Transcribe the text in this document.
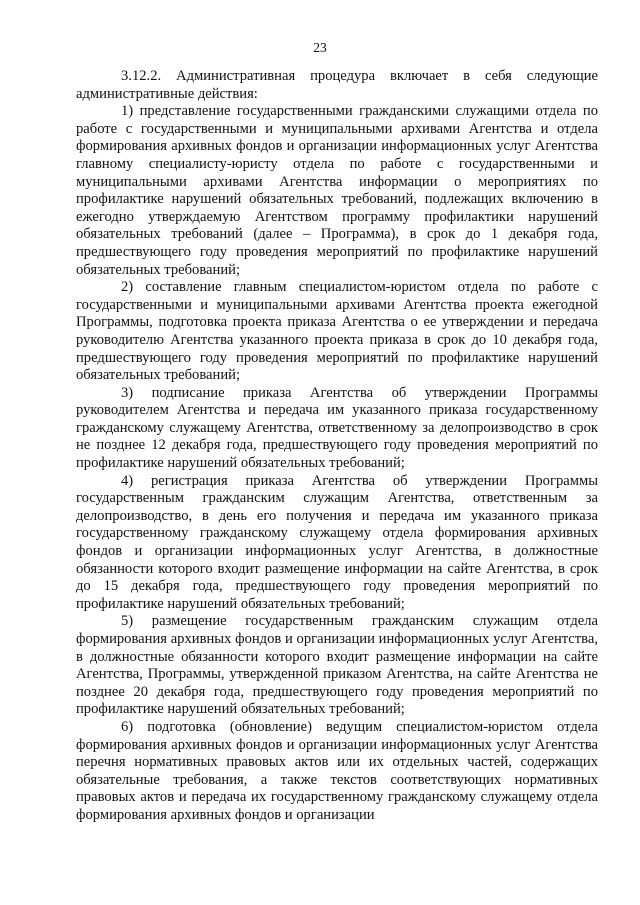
23

3.12.2. Административная процедура включает в себя следующие административные действия:

1) представление государственными гражданскими служащими отдела по работе с государственными и муниципальными архивами Агентства и отдела формирования архивных фондов и организации информационных услуг Агентства главному специалисту-юристу отдела по работе с государственными и муниципальными архивами Агентства информации о мероприятиях по профилактике нарушений обязательных требований, подлежащих включению в ежегодно утверждаемую Агентством программу профилактики нарушений обязательных требований (далее – Программа), в срок до 1 декабря года, предшествующего году проведения мероприятий по профилактике нарушений обязательных требований;

2) составление главным специалистом-юристом отдела по работе с государственными и муниципальными архивами Агентства проекта ежегодной Программы, подготовка проекта приказа Агентства о ее утверждении и передача руководителю Агентства указанного проекта приказа в срок до 10 декабря года, предшествующего году проведения мероприятий по профилактике нарушений обязательных требований;

3) подписание приказа Агентства об утверждении Программы руководителем Агентства и передача им указанного приказа государственному гражданскому служащему Агентства, ответственному за делопроизводство в срок не позднее 12 декабря года, предшествующего году проведения мероприятий по профилактике нарушений обязательных требований;

4) регистрация приказа Агентства об утверждении Программы государственным гражданским служащим Агентства, ответственным за делопроизводство, в день его получения и передача им указанного приказа государственному гражданскому служащему отдела формирования архивных фондов и организации информационных услуг Агентства, в должностные обязанности которого входит размещение информации на сайте Агентства, в срок до 15 декабря года, предшествующего году проведения мероприятий по профилактике нарушений обязательных требований;

5) размещение государственным гражданским служащим отдела формирования архивных фондов и организации информационных услуг Агентства, в должностные обязанности которого входит размещение информации на сайте Агентства, Программы, утвержденной приказом Агентства, на сайте Агентства не позднее 20 декабря года, предшествующего году проведения мероприятий по профилактике нарушений обязательных требований;

6) подготовка (обновление) ведущим специалистом-юристом отдела формирования архивных фондов и организации информационных услуг Агентства перечня нормативных правовых актов или их отдельных частей, содержащих обязательные требования, а также текстов соответствующих нормативных правовых актов и передача их государственному гражданскому служащему отдела формирования архивных фондов и организации
